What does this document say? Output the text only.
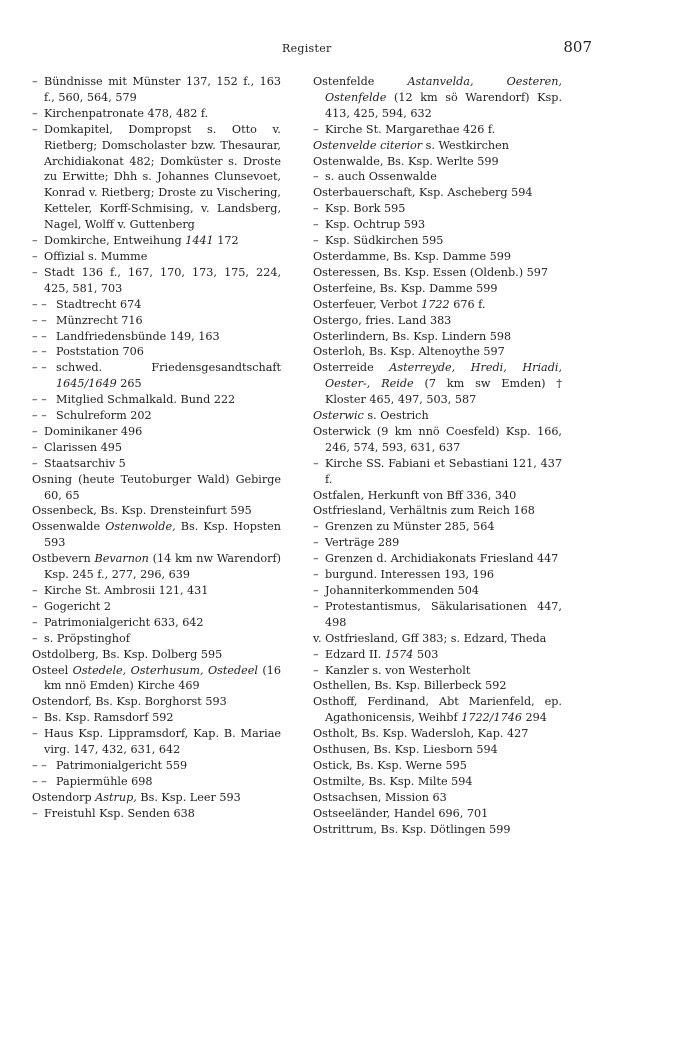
Register	807
– Bündnisse mit Münster 137, 152 f., 163 f., 560, 564, 579
– Kirchenpatronate 478, 482 f.
– Domkapitel, Dompropst s. Otto v. Rietberg; Domscholaster bzw. Thesaurar, Archidiakonat 482; Domküster s. Droste zu Erwitte; Dhh s. Johannes Clunsevoet, Konrad v. Rietberg; Droste zu Vischering, Ketteler, Korff-Schmising, v. Landsberg, Nagel, Wolff v. Guttenberg
– Domkirche, Entweihung 1441 172
– Offizial s. Mumme
– Stadt 136 f., 167, 170, 173, 175, 224, 425, 581, 703
– – Stadtrecht 674
– – Münzrecht 716
– – Landfriedensbünde 149, 163
– – Poststation 706
– – schwed. Friedensgesandtschaft 1645/1649 265
– – Mitglied Schmalkald. Bund 222
– – Schulreform 202
– Dominikaner 496
– Clarissen 495
– Staatsarchiv 5
Osning (heute Teutoburger Wald) Gebirge 60, 65
Ossenbeck, Bs. Ksp. Drensteinfurt 595
Ossenwalde Ostenwolde, Bs. Ksp. Hopsten 593
Ostbevern Bevarnon (14 km nw Warendorf) Ksp. 245 f., 277, 296, 639
– Kirche St. Ambrosii 121, 431
– Gogericht 2
– Patrimonialgericht 633, 642
– s. Pröpstinghof
Ostdolberg, Bs. Ksp. Dolberg 595
Osteel Ostedele, Osterhusum, Ostedeel (16 km nnö Emden) Kirche 469
Ostendorf, Bs. Ksp. Borghorst 593
– Bs. Ksp. Ramsdorf 592
– Haus Ksp. Lippramsdorf, Kap. B. Mariae virg. 147, 432, 631, 642
– – Patrimonialgericht 559
– – Papiermühle 698
Ostendorp Astrup, Bs. Ksp. Leer 593
– Freistuhl Ksp. Senden 638
Ostenfelde Astanvelda, Oesteren, Ostenfelde (12 km sö Warendorf) Ksp. 413, 425, 594, 632
– Kirche St. Margarethae 426 f.
Ostenvelde citerior s. Westkirchen
Ostenwalde, Bs. Ksp. Werlte 599
– s. auch Ossenwalde
Osterbauerschaft, Ksp. Ascheberg 594
– Ksp. Bork 595
– Ksp. Ochtrup 593
– Ksp. Südkirchen 595
Osterdamme, Bs. Ksp. Damme 599
Osteressen, Bs. Ksp. Essen (Oldenb.) 597
Osterfeine, Bs. Ksp. Damme 599
Osterfeuer, Verbot 1722 676 f.
Ostergo, fries. Land 383
Osterlindern, Bs. Ksp. Lindern 598
Osterloh, Bs. Ksp. Altenoythe 597
Osterreide Asterreyde, Hredi, Hriadi, Oester-, Reide (7 km sw Emden) † Kloster 465, 497, 503, 587
Osterwic s. Oestrich
Osterwick (9 km nnö Coesfeld) Ksp. 166, 246, 574, 593, 631, 637
– Kirche SS. Fabiani et Sebastiani 121, 437 f.
Ostfalen, Herkunft von Bff 336, 340
Ostfriesland, Verhältnis zum Reich 168
– Grenzen zu Münster 285, 564
– Verträge 289
– Grenzen d. Archidiakonats Friesland 447
– burgund. Interessen 193, 196
– Johanniterkommenden 504
– Protestantismus, Säkularisationen 447, 498
v. Ostfriesland, Gff 383; s. Edzard, Theda
– Edzard II. 1574 503
– Kanzler s. von Westerholt
Osthellen, Bs. Ksp. Billerbeck 592
Osthoff, Ferdinand, Abt Marienfeld, ep. Agathonicensis, Weihbf 1722/1746 294
Ostholt, Bs. Ksp. Wadersloh, Kap. 427
Osthusen, Bs. Ksp. Liesborn 594
Ostick, Bs. Ksp. Werne 595
Ostmilte, Bs. Ksp. Milte 594
Ostsachsen, Mission 63
Ostseeländer, Handel 696, 701
Ostrittrum, Bs. Ksp. Dötlingen 599
